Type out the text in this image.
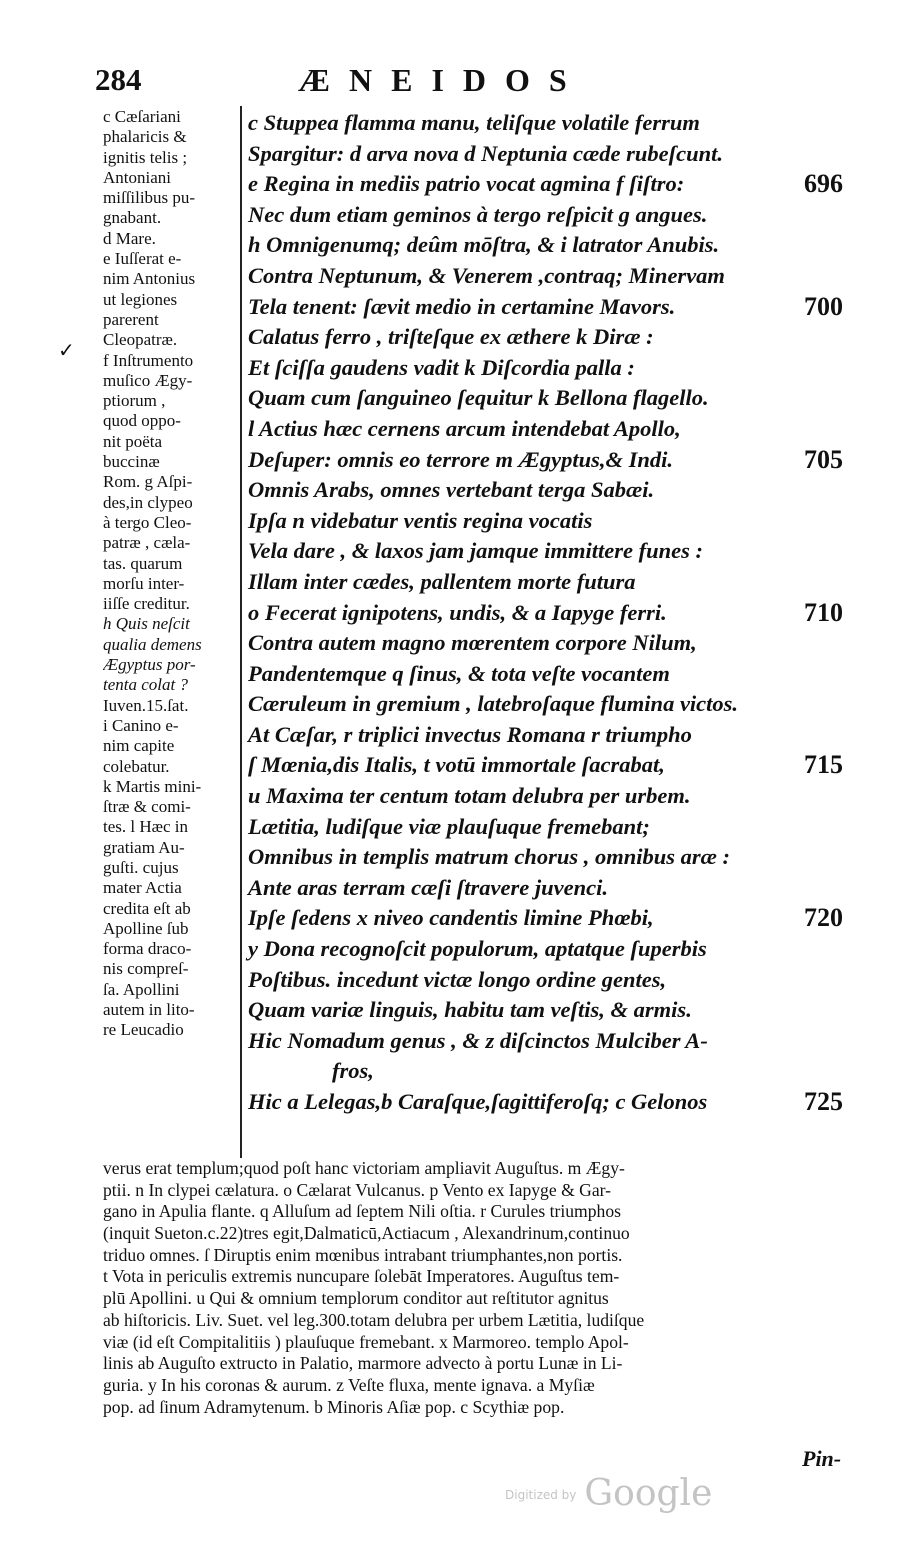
284	ÆNEIDOS
c Cæſariani
phalaricis &
ignitis telis ;
Antoniani
miſſilibus pu-
gnabant.
d Mare.
e Iuſſerat e-
nim Antonius
ut legiones
parerent
Cleopatræ.
f Inſtrumento
muſico Ægy-
ptiorum ,
quod oppo-
nit poëta
buccinæ
Rom. g Aſpi-
des,in clypeo
à tergo Cleo-
patræ , cæla-
tas. quarum
morſu inter-
iiſſe creditur.
h Quis neſcit
qualia demens
Ægyptus por-
tenta colat ?
Iuven.15.ſat.
i Canino e-
nim capite
colebatur.
k Martis mini-
ſtræ & comi-
tes. l Hæc in
gratiam Au-
guſti. cujus
mater Actia
credita eſt ab
Apolline ſub
forma draco-
nis compreſ-
ſa. Apollini
autem in lito-
re Leucadio
c Stuppea flamma manu, teliſque volatile ferrum
Spargitur: d arva nova d Neptunia cæde rubeſcunt.
e Regina in mediis patrio vocat agmina f ſiſtro:	696
Nec dum etiam geminos à tergo reſpicit g angues.
h Omnigenumq; deûm mōſtra, & i latrator Anubis.
Contra Neptunum, & Venerem ,contraq; Minervam
Tela tenent: ſævit medio in certamine Mavors.	700
Calatus ferro , triſteſque ex æthere k Diræ :
Et ſciſſa gaudens vadit k Diſcordia palla :
Quam cum ſanguineo ſequitur k Bellona flagello.
l Actius hæc cernens arcum intendebat Apollo,
Deſuper: omnis eo terrore m Ægyptus,& Indi.	705
Omnis Arabs, omnes vertebant terga Sabæi.
Ipſa n videbatur ventis regina vocatis
Vela dare , & laxos jam jamque immittere funes :
Illam inter cædes, pallentem morte futura
o Fecerat ignipotens, undis, & a Iapyge ferri.	710
Contra autem magno mœrentem corpore Nilum,
Pandentemque q ſinus, & tota veſte vocantem
Cæruleum in gremium , latebroſaque flumina victos.
At Cæſar, r triplici invectus Romana r triumpho
ſ Mœnia,dis Italis, t votū immortale ſacrabat,	715
u Maxima ter centum totam delubra per urbem.
Lætitia, ludiſque viæ plauſuque fremebant;
Omnibus in templis matrum chorus , omnibus aræ :
Ante aras terram cæſi ſtravere juvenci.
Ipſe ſedens x niveo candentis limine Phœbi,	720
y Dona recognoſcit populorum, aptatque ſuperbis
Poſtibus. incedunt victæ longo ordine gentes,
Quam variæ linguis, habitu tam veſtis, & armis.
Hic Nomadum genus , & z diſcinctos Mulciber A-
fros,
Hic a Lelegas,b Caraſque,ſagittiferoſq; c Gelonos	725
✓
verus erat templum;quod poſt hanc victoriam ampliavit Auguſtus. m Ægy-
ptii. n In clypei cælatura. o Cælarat Vulcanus. p Vento ex Iapyge & Gar-
gano in Apulia flante. q Alluſum ad ſeptem Nili oſtia. r Curules triumphos
(inquit Sueton.c.22)tres egit,Dalmaticū,Actiacum , Alexandrinum,continuo
triduo omnes. ſ Diruptis enim mœnibus intrabant triumphantes,non portis.
t Vota in periculis extremis nuncupare ſolebāt Imperatores. Auguſtus tem-
plū Apollini. u Qui & omnium templorum conditor aut reſtitutor agnitus
ab hiſtoricis. Liv. Suet. vel leg.300.totam delubra per urbem Lætitia, ludiſque
viæ (id eſt Compitalitiis ) plauſuque fremebant. x Marmoreo. templo Apol-
linis ab Auguſto extructo in Palatio, marmore advecto à portu Lunæ in Li-
guria. y In his coronas & aurum. z Veſte fluxa, mente ignava. a Myſiæ
pop. ad ſinum Adramytenum. b Minoris Aſiæ pop. c Scythiæ pop.
Pin-
Digitized by Google
